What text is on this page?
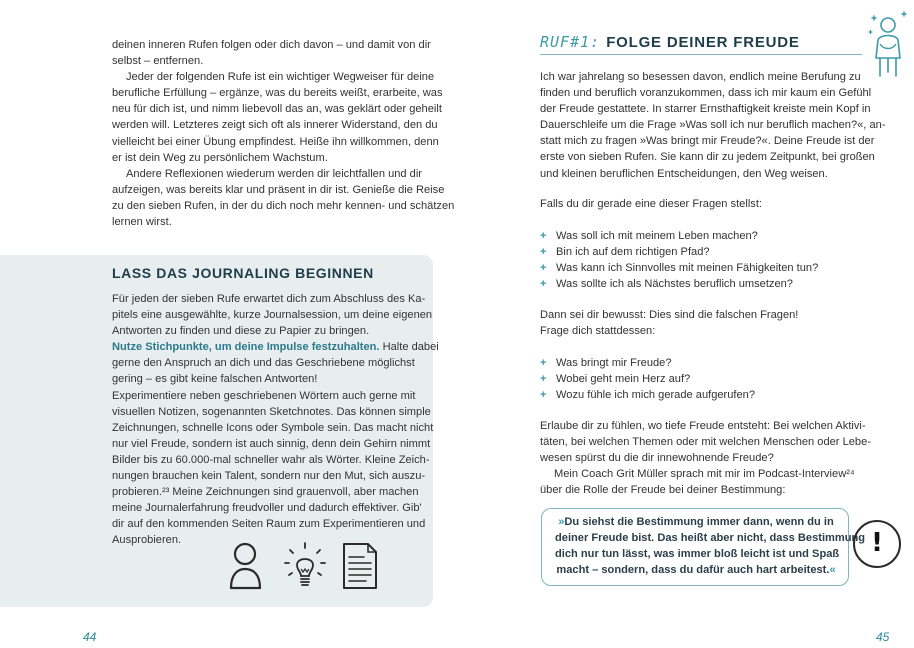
deinen inneren Rufen folgen oder dich davon – und damit von dir

selbst – entfernen.

Jeder der folgenden Rufe ist ein wichtiger Wegweiser für deine

berufliche Erfüllung – ergänze, was du bereits weißt, erarbeite, was

neu für dich ist, und nimm liebevoll das an, was geklärt oder geheilt

werden will. Letzteres zeigt sich oft als innerer Widerstand, den du

vielleicht bei einer Übung empfindest. Heiße ihn willkommen, denn

er ist dein Weg zu persönlichem Wachstum.

Andere Reflexionen wiederum werden dir leichtfallen und dir

aufzeigen, was bereits klar und präsent in dir ist. Genieße die Reise

zu den sieben Rufen, in der du dich noch mehr kennen- und schätzen

lernen wirst.

LASS DAS JOURNALING BEGINNEN

Für jeden der sieben Rufe erwartet dich zum Abschluss des Ka-

pitels eine ausgewählte, kurze Journalsession, um deine eigenen

Antworten zu finden und diese zu Papier zu bringen.

Nutze Stichpunkte, um deine Impulse festzuhalten. Halte dabei

gerne den Anspruch an dich und das Geschriebene möglichst

gering – es gibt keine falschen Antworten!

Experimentiere neben geschriebenen Wörtern auch gerne mit

visuellen Notizen, sogenannten Sketchnotes. Das können simple

Zeichnungen, schnelle Icons oder Symbole sein. Das macht nicht

nur viel Freude, sondern ist auch sinnig, denn dein Gehirn nimmt

Bilder bis zu 60.000-mal schneller wahr als Wörter. Kleine Zeich-

nungen brauchen kein Talent, sondern nur den Mut, sich auszu-

probieren.²³ Meine Zeichnungen sind grauenvoll, aber machen

meine Journalerfahrung freudvoller und dadurch effektiver. Gib'

dir auf den kommenden Seiten Raum zum Experimentieren und

Ausprobieren.

44
RUF#1: FOLGE DEINER FREUDE

Ich war jahrelang so besessen davon, endlich meine Berufung zu

finden und beruflich voranzukommen, dass ich mir kaum ein Gefühl

der Freude gestattete. In starrer Ernsthaftigkeit kreiste mein Kopf in

Dauerschleife um die Frage »Was soll ich nur beruflich machen?«, an-

statt mich zu fragen »Was bringt mir Freude?«. Deine Freude ist der

erste von sieben Rufen. Sie kann dir zu jedem Zeitpunkt, bei großen

und kleinen beruflichen Entscheidungen, den Weg weisen.

Falls du dir gerade eine dieser Fragen stellst:

+ Was soll ich mit meinem Leben machen?
+ Bin ich auf dem richtigen Pfad?
+ Was kann ich Sinnvolles mit meinen Fähigkeiten tun?
+ Was sollte ich als Nächstes beruflich umsetzen?

Dann sei dir bewusst: Dies sind die falschen Fragen!

Frage dich stattdessen:

+ Was bringt mir Freude?
+ Wobei geht mein Herz auf?
+ Wozu fühle ich mich gerade aufgerufen?

Erlaube dir zu fühlen, wo tiefe Freude entsteht: Bei welchen Aktivi-

täten, bei welchen Themen oder mit welchen Menschen oder Lebe-

wesen spürst du die dir innewohnende Freude?

Mein Coach Grit Müller sprach mit mir im Podcast-Interview²⁴

über die Rolle der Freude bei deiner Bestimmung:

»Du siehst die Bestimmung immer dann, wenn du in

deiner Freude bist. Das heißt aber nicht, dass Bestimmung

dich nur tun lässt, was immer bloß leicht ist und Spaß

macht – sondern, dass du dafür auch hart arbeitest.«

!
45
